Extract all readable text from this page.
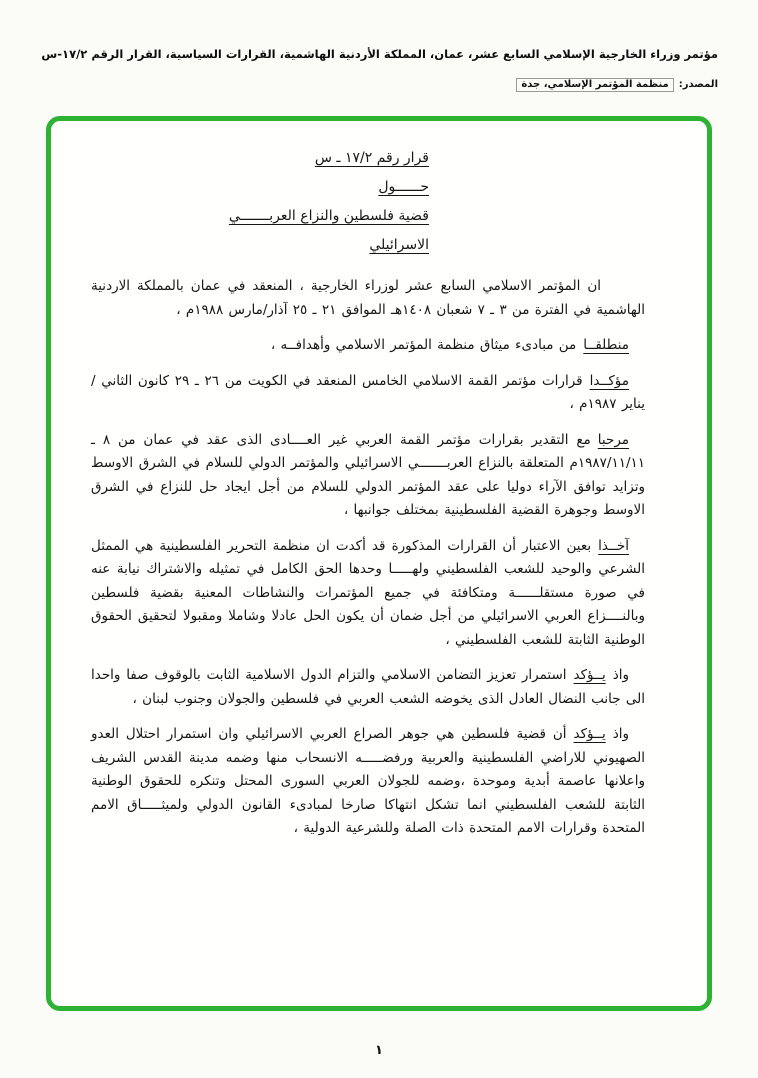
مؤتمر وزراء الخارجية الإسلامي السابع عشر، عمان، المملكة الأردنية الهاشمية، القرارات السياسية، القرار الرقم ١٧/٢-س
المصدر:منظمة المؤتمر الإسلامي، جدة
قرار رقم ١٧/٢ ـ س
حــــــول
قضية فلسطين والنزاع العربـــــــي
الاسرائيلي

ان المؤتمر الاسلامي السابع عشر لوزراء الخارجية ، المنعقد في عمان بالمملكة الاردنية الهاشمية في الفترة من ٣ ـ ٧ شعبان ١٤٠٨هـ الموافق ٢١ ـ ٢٥ آذار/مارس ١٩٨٨م ،

منطلقــامن مبادىء ميثاق منظمة المؤتمر الاسلامي وأهدافــه ،

مؤكــداقرارات مؤتمر القمة الاسلامي الخامس المنعقد في الكويت من ٢٦ ـ ٢٩ كانون الثاني /يناير ١٩٨٧م ،

مرحبامع التقدير بقرارات مؤتمر القمة العربي غير العــــادى الذى عقد في عمان من ٨ ـ ١٩٨٧/١١/١١م المتعلقة بالنزاع العربـــــــي الاسرائيلي والمؤتمر الدولي للسلام في الشرق الاوسط وتزايد توافق الآراء دوليا على عقد المؤتمر الدولي للسلام من أجل ايجاد حل للنزاع في الشرق الاوسط وجوهرة القضية الفلسطينية بمختلف جوانبها ،

آخــذابعين الاعتبار أن القرارات المذكورة قد أكدت ان منظمة التحرير الفلسطينية هي الممثل الشرعي والوحيد للشعب الفلسطيني ولهـــــا وحدها الحق الكامل في تمثيله والاشتراك نيابة عنه في صورة مستقلــــــة ومتكافئة في جميع المؤتمرات والنشاطات المعنية بقضية فلسطين وبالنــــزاع العربي الاسرائيلي من أجل ضمان أن يكون الحل عادلا وشاملا ومقبولا لتحقيق الحقوق الوطنية الثابتة للشعب الفلسطيني ،

واذيــؤكداستمرار تعزيز التضامن الاسلامي والتزام الدول الاسلامية الثابت بالوقوف صفا واحدا الى جانب النضال العادل الذى يخوضه الشعب العربي في فلسطين والجولان وجنوب لبنان ،

واذيــؤكدأن قضية فلسطين هي جوهر الصراع العربي الاسرائيلي وان استمرار احتلال العدو الصهيوني للاراضي الفلسطينية والعربية ورفضـــــه الانسحاب منها وضمه مدينة القدس الشريف واعلانها عاصمة أبدية وموحدة ،وضمه للجولان العربي السورى المحتل وتنكره للحقوق الوطنية الثابتة للشعب الفلسطيني انما تشكل انتهاكا صارخا لمبادىء القانون الدولي ولميثـــــاق الامم المتحدة وقرارات الامم المتحدة ذات الصلة وللشرعية الدولية ،

١
